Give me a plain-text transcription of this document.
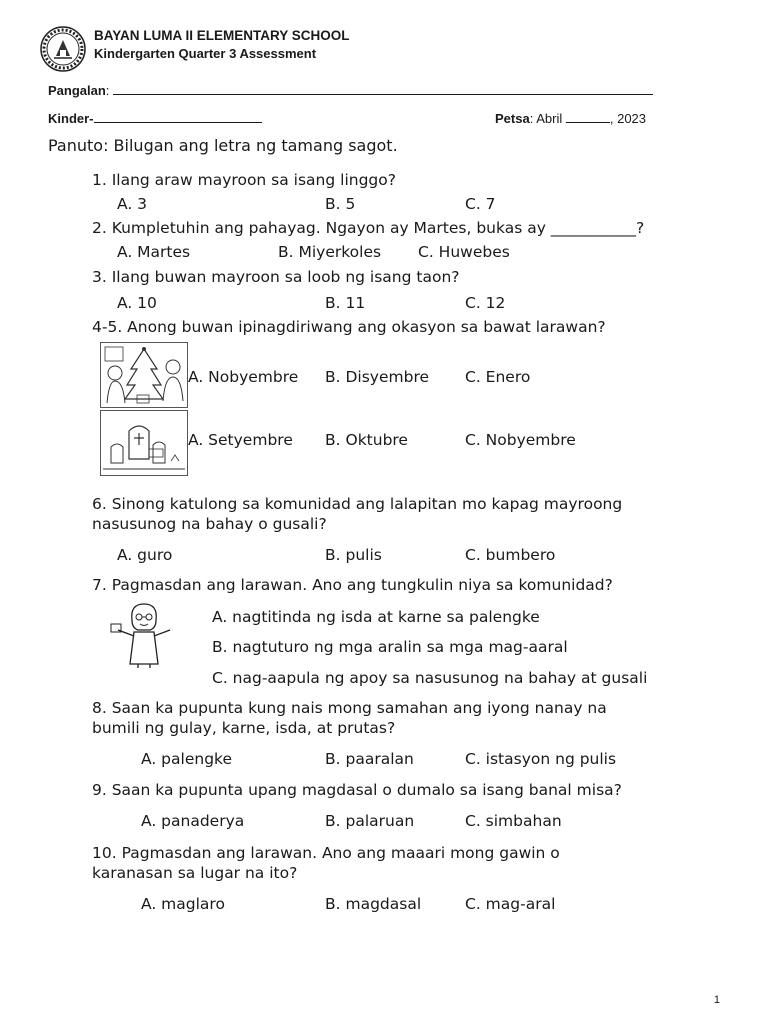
BAYAN LUMA II ELEMENTARY SCHOOL
Kindergarten Quarter 3 Assessment
Pangalan:
Kinder-	Petsa: Abril	, 2023
Panuto: Bilugan ang letra ng tamang sagot.
1. Ilang araw mayroon sa isang linggo?
A. 3	B. 5	C. 7
2. Kumpletuhin ang pahayag. Ngayon ay Martes, bukas ay ___________?
A. Martes	B. Miyerkoles C. Huwebes
3. Ilang buwan mayroon sa loob ng isang taon?
A. 10	B. 11	C. 12
4-5. Anong buwan ipinagdiriwang ang okasyon sa bawat larawan?
A. Nobyembre B. Disyembre C. Enero
A. Setyembre B. Oktubre	C. Nobyembre
6. Sinong katulong sa komunidad ang lalapitan mo kapag mayroong
nasusunog na bahay o gusali?
A. guro	B. pulis	C. bumbero
7. Pagmasdan ang larawan. Ano ang tungkulin niya sa komunidad?
A. nagtitinda ng isda at karne sa palengke
B. nagtuturo ng mga aralin sa mga mag-aaral
C. nag-aapula ng apoy sa nasusunog na bahay at gusali
8. Saan ka pupunta kung nais mong samahan ang iyong nanay na
bumili ng gulay, karne, isda, at prutas?
A. palengke	B. paaralan	C. istasyon ng pulis
9. Saan ka pupunta upang magdasal o dumalo sa isang banal misa?
A. panaderya	B. palaruan	C. simbahan
10. Pagmasdan ang larawan. Ano ang maaari mong gawin o
karanasan sa lugar na ito?
A. maglaro	B. magdasal	C. mag-aral
1
